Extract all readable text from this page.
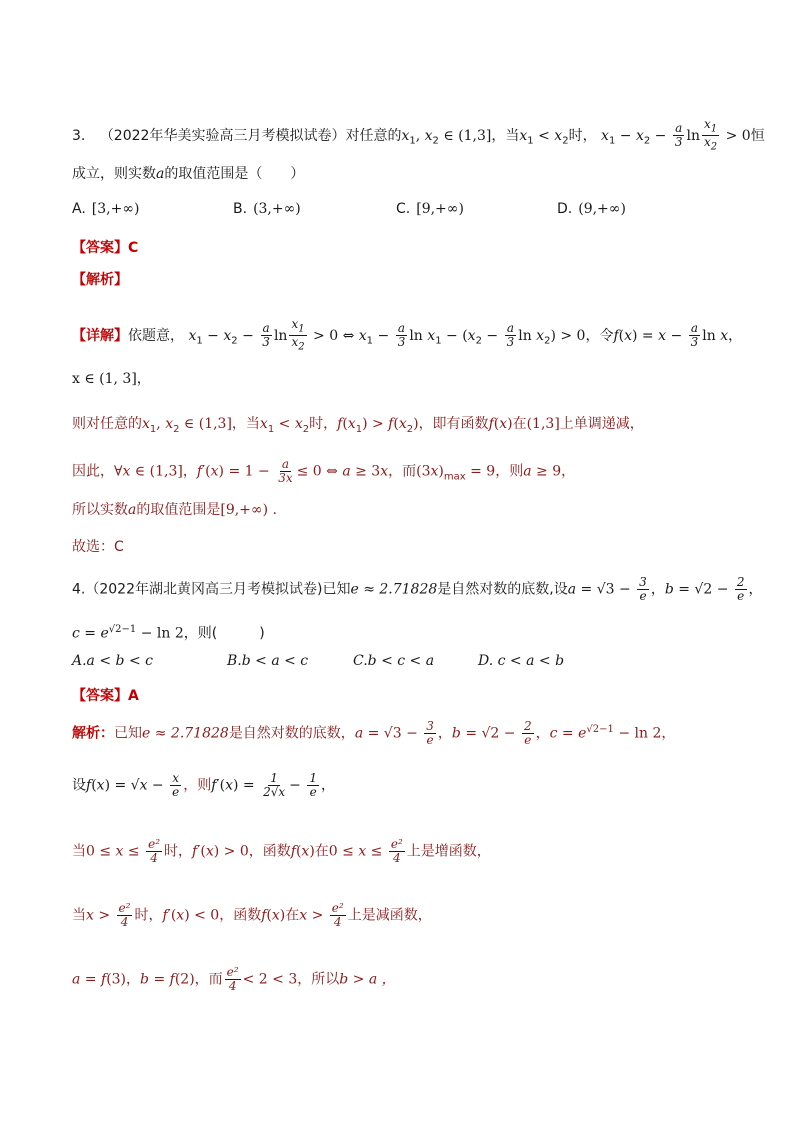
3. （2022年华美实验高三月考模拟试卷）对任意的$x_1$, $x_2$ ∈ (1,3]，当$x_1 < x_2$时， $x_1 - x_2 - \frac{a}{3}$ $\ln \frac{x_1}{x_2} > 0$恒
成立，则实数a的取值范围是（　　）
A. [3,+∞)	B. (3,+∞)	C. [9,+∞)	D. (9,+∞)
【答案】C
【解析】
【详解】依题意， $x_1 - x_2 - \frac{a}{3}$ $\ln \frac{x_1}{x_2} > 0$ ⇔ $x_1 - \frac{a}{3}$ $\ln x_1 - (x_2 - \frac{a}{3}$ $\ln x_2) > 0$，令$f(x) = x - \frac{a}{3}$ ln x，
x ∈ (1, 3]，
则对任意的$x_1$, $x_2$ ∈ (1,3]，当$x_1 < x_2$时，$f(x_1) > f(x_2)$，即有函数f(x)在(1,3]上单调递减，
因此，∀x ∈ (1,3]，$f'(x) = 1 - \frac{a}{3x} \le 0$ ⇔ a ≥ 3x，而$(3x)_{max} = 9$，则a ≥ 9，
所以实数a的取值范围是[9,+∞) .
故选：C
4.（2022年湖北黄冈高三月考模拟试卷)已知e ≈ 2.71828是自然对数的底数,设$a = √3 - \frac{3}{e}$ ，$b = √2 - \frac{2}{e}$ ，
$c = e^{√2-1} - \ln 2$，则(　　　)
A.a < b < c	B.b < a < c	C.b < c < a	D. c < a < b
【答案】A
解析：已知e ≈ 2.71828是自然对数的底数，$a = √3 - \frac{3}{e}$ ，$b = √2 - \frac{2}{e}$ ，$c = e^{√2-1} - \ln 2$，
设$f(x) = √x - \frac{x}{e}$ ，则$f'(x) = \frac{1}{2√x} - \frac{1}{e}$ ，
当$0 \le x \le \frac{\text{e²}}{4}$ 时，f′(x) > 0，函数f(x)在$0 \le x \le \frac{\text{e²}}{4}$ 上是增函数，
当$x > \frac{\text{e²}}{4}$ 时，f′(x) < 0，函数f(x)在$x > \frac{\text{e²}}{4}$ 上是减函数，
a = f(3)，b = f(2)，而 $\frac{\text{e²}}{4} < 2 < 3$，所以b > a ，
